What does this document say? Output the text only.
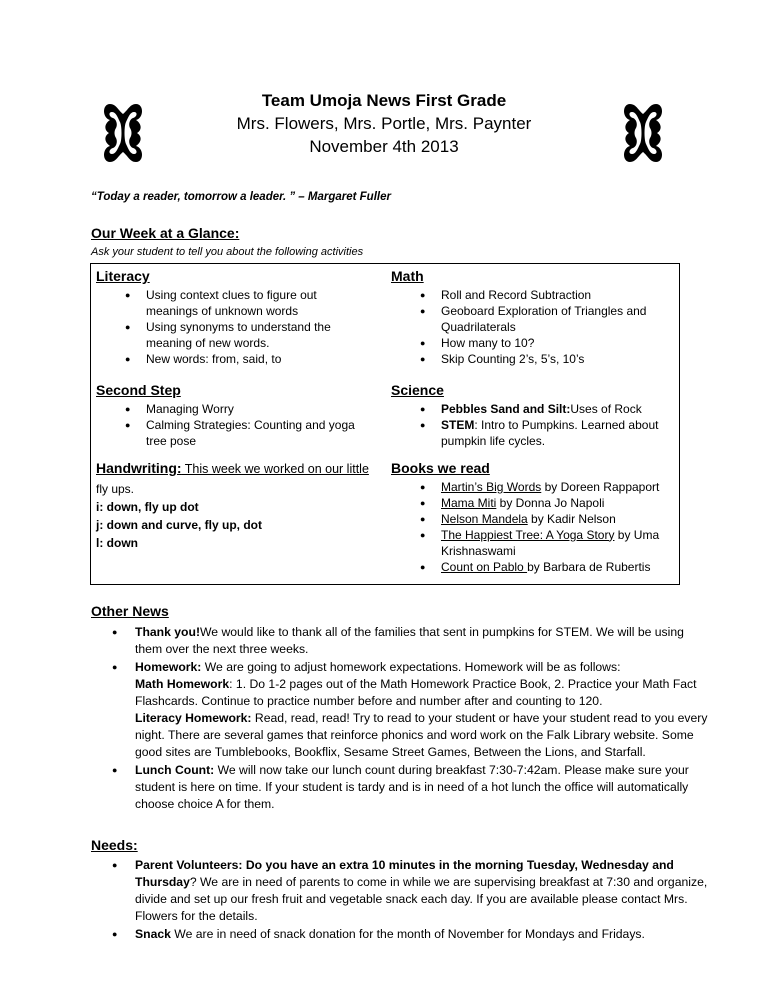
Team Umoja News First Grade
Mrs. Flowers, Mrs. Portle, Mrs. Paynter
November 4th 2013
“Today a reader, tomorrow a leader. ” – Margaret Fuller
Our Week at a Glance:
Ask your student to tell you about the following activities
Literacy
● Using context clues to figure out meanings of unknown words
● Using synonyms to understand the meaning of new words.
● New words: from, said, to
Math
● Roll and Record Subtraction
● Geoboard Exploration of Triangles and Quadrilaterals
● How many to 10?
● Skip Counting 2’s, 5’s, 10’s
Second Step
● Managing Worry
● Calming Strategies: Counting and yoga tree pose
Science
● Pebbles Sand and Silt:Uses of Rock
● STEM: Intro to Pumpkins. Learned about pumpkin life cycles.
Handwriting: This week we worked on our little
fly ups.
i: down, fly up dot
j: down and curve, fly up, dot
l: down
Books we read
● Martin’s Big Words by Doreen Rappaport
● Mama Miti by Donna Jo Napoli
● Nelson Mandela by Kadir Nelson
● The Happiest Tree: A Yoga Story by Uma Krishnaswami
● Count on Pablo by Barbara de Rubertis
Other News
● Thank you!We would like to thank all of the families that sent in pumpkins for STEM. We will be using them over the next three weeks.
● Homework: We are going to adjust homework expectations. Homework will be as follows:
Math Homework: 1. Do 1-2 pages out of the Math Homework Practice Book, 2. Practice your Math Fact Flashcards. Continue to practice number before and number after and counting to 120.
Literacy Homework: Read, read, read! Try to read to your student or have your student read to you every night. There are several games that reinforce phonics and word work on the Falk Library website. Some good sites are Tumblebooks, Bookflix, Sesame Street Games, Between the Lions, and Starfall.
● Lunch Count: We will now take our lunch count during breakfast 7:30-7:42am. Please make sure your student is here on time. If your student is tardy and is in need of a hot lunch the office will automatically choose choice A for them.
Needs:
● Parent Volunteers: Do you have an extra 10 minutes in the morning Tuesday, Wednesday and Thursday? We are in need of parents to come in while we are supervising breakfast at 7:30 and organize, divide and set up our fresh fruit and vegetable snack each day. If you are available please contact Mrs. Flowers for the details.
● Snack We are in need of snack donation for the month of November for Mondays and Fridays.
